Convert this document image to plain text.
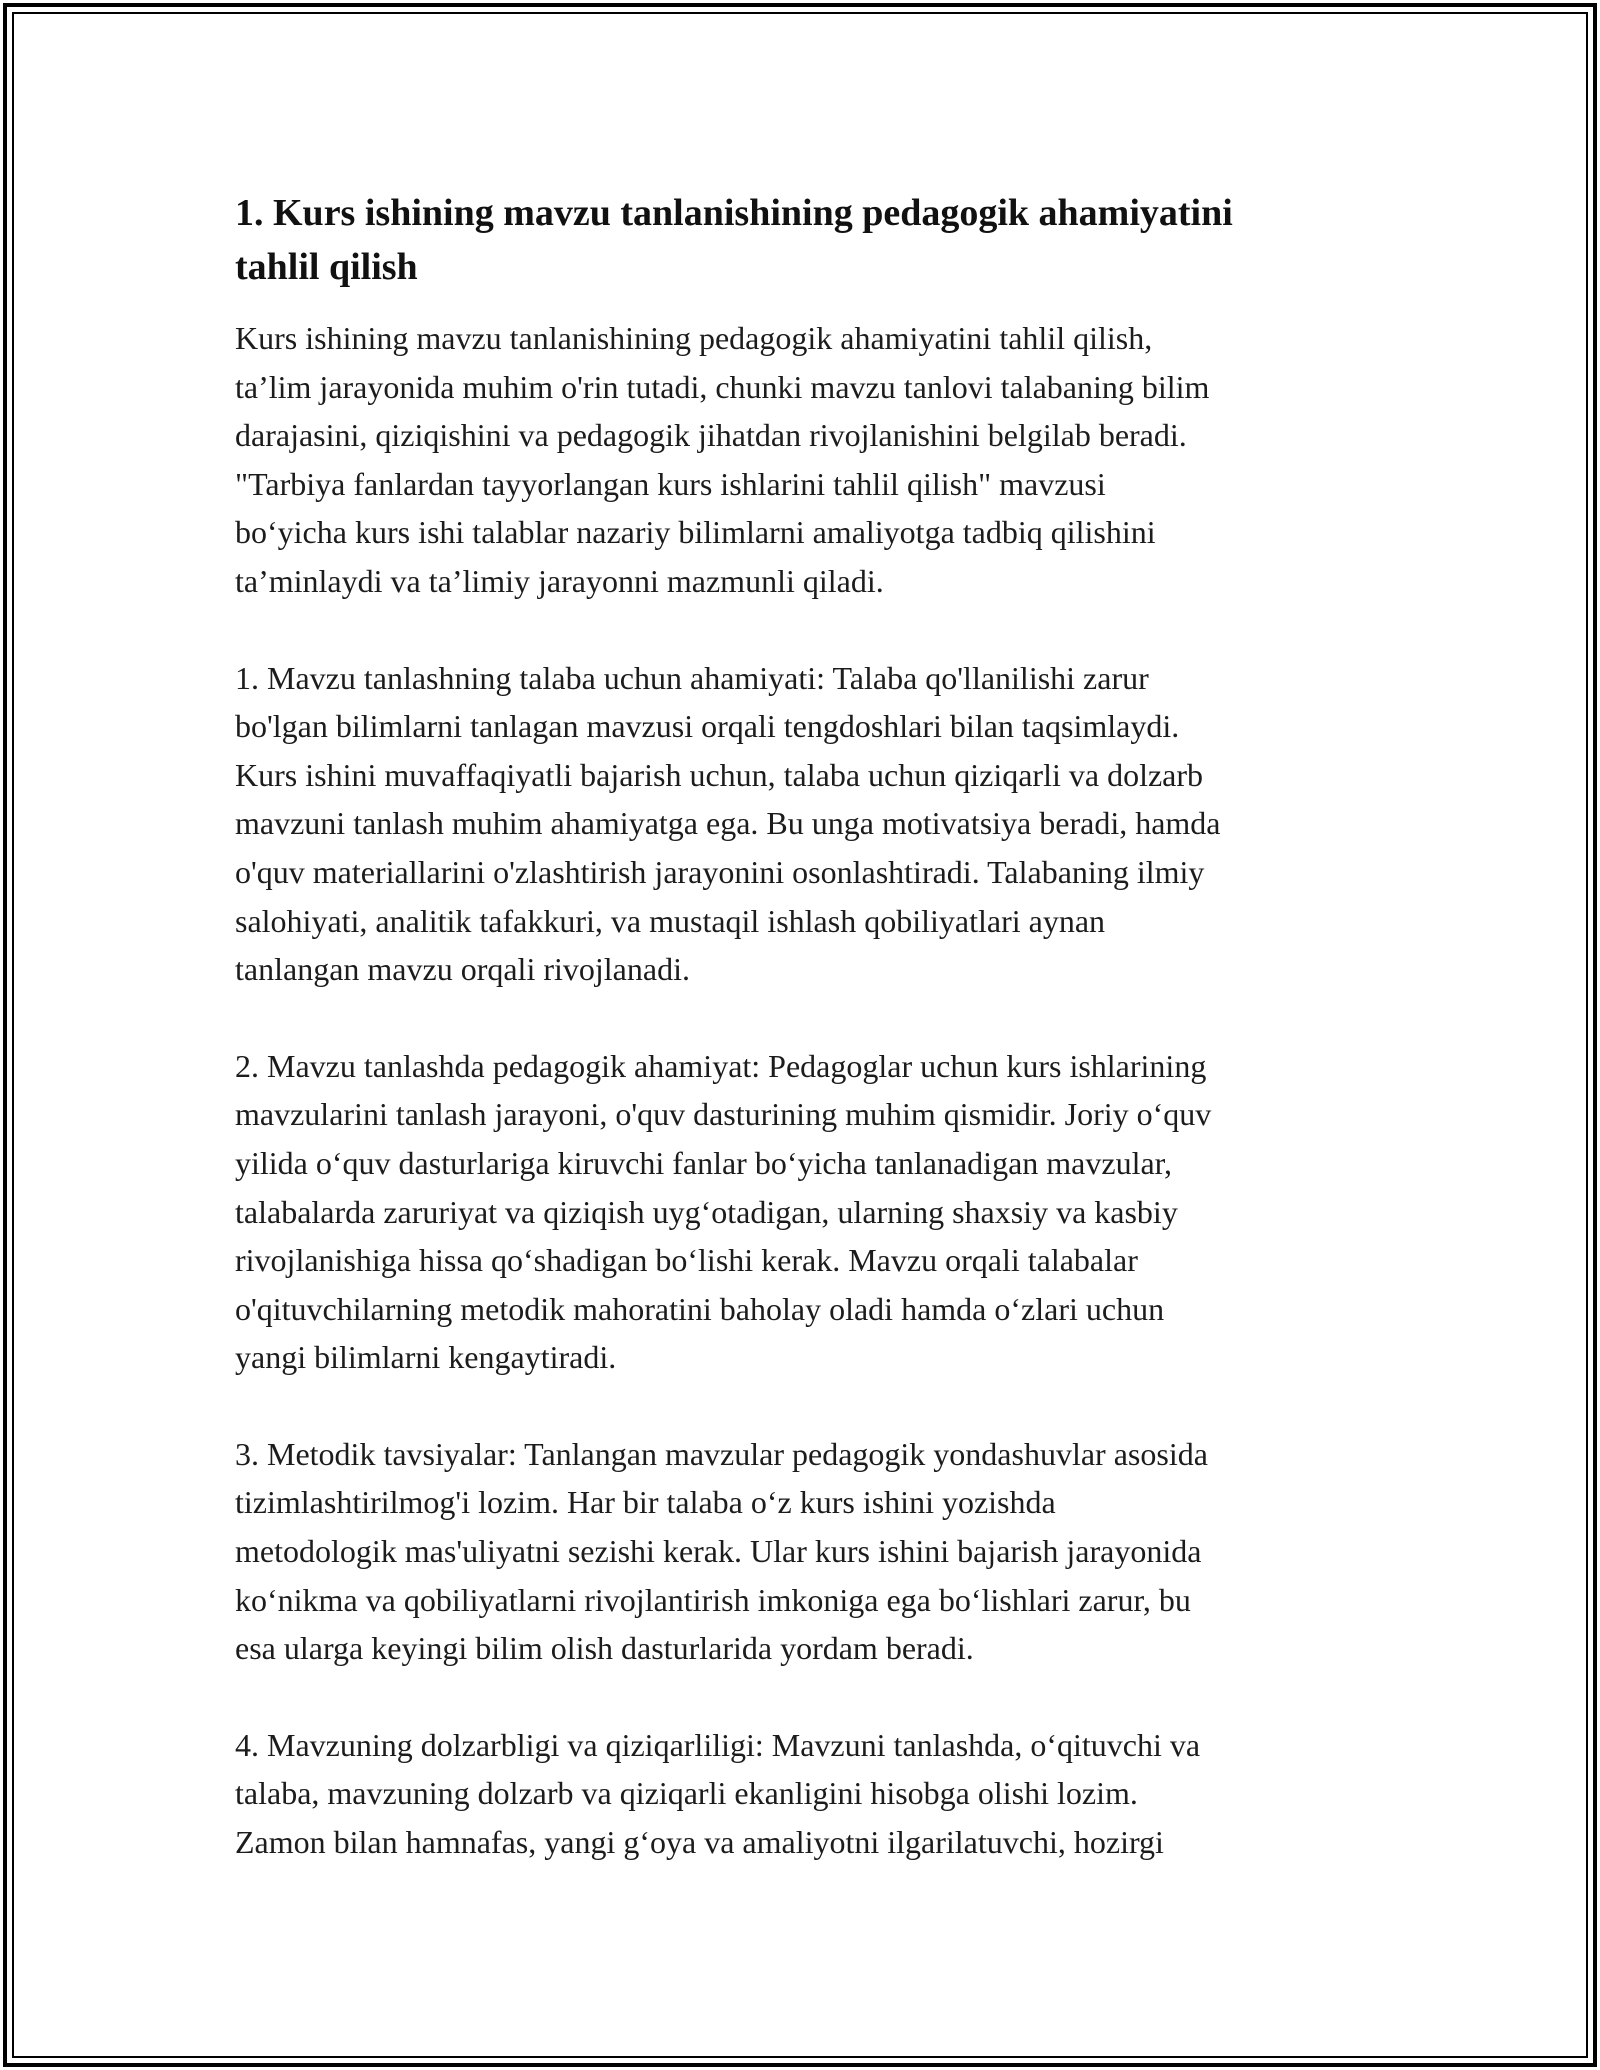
1. Kurs ishining mavzu tanlanishining pedagogik ahamiyatini
tahlil qilish

Kurs ishining mavzu tanlanishining pedagogik ahamiyatini tahlil qilish,
ta’lim jarayonida muhim o'rin tutadi, chunki mavzu tanlovi talabaning bilim
darajasini, qiziqishini va pedagogik jihatdan rivojlanishini belgilab beradi.
"Tarbiya fanlardan tayyorlangan kurs ishlarini tahlil qilish" mavzusi
bo‘yicha kurs ishi talablar nazariy bilimlarni amaliyotga tadbiq qilishini
ta’minlaydi va ta’limiy jarayonni mazmunli qiladi.

1. Mavzu tanlashning talaba uchun ahamiyati: Talaba qo'llanilishi zarur
bo'lgan bilimlarni tanlagan mavzusi orqali tengdoshlari bilan taqsimlaydi.
Kurs ishini muvaffaqiyatli bajarish uchun, talaba uchun qiziqarli va dolzarb
mavzuni tanlash muhim ahamiyatga ega. Bu unga motivatsiya beradi, hamda
o'quv materiallarini o'zlashtirish jarayonini osonlashtiradi. Talabaning ilmiy
salohiyati, analitik tafakkuri, va mustaqil ishlash qobiliyatlari aynan
tanlangan mavzu orqali rivojlanadi.

2. Mavzu tanlashda pedagogik ahamiyat: Pedagoglar uchun kurs ishlarining
mavzularini tanlash jarayoni, o'quv dasturining muhim qismidir. Joriy o‘quv
yilida o‘quv dasturlariga kiruvchi fanlar bo‘yicha tanlanadigan mavzular,
talabalarda zaruriyat va qiziqish uyg‘otadigan, ularning shaxsiy va kasbiy
rivojlanishiga hissa qo‘shadigan bo‘lishi kerak. Mavzu orqali talabalar
o'qituvchilarning metodik mahoratini baholay oladi hamda o‘zlari uchun
yangi bilimlarni kengaytiradi.

3. Metodik tavsiyalar: Tanlangan mavzular pedagogik yondashuvlar asosida
tizimlashtirilmog'i lozim. Har bir talaba o‘z kurs ishini yozishda
metodologik mas'uliyatni sezishi kerak. Ular kurs ishini bajarish jarayonida
ko‘nikma va qobiliyatlarni rivojlantirish imkoniga ega bo‘lishlari zarur, bu
esa ularga keyingi bilim olish dasturlarida yordam beradi.

4. Mavzuning dolzarbligi va qiziqarliligi: Mavzuni tanlashda, o‘qituvchi va
talaba, mavzuning dolzarb va qiziqarli ekanligini hisobga olishi lozim.
Zamon bilan hamnafas, yangi g‘oya va amaliyotni ilgarilatuvchi, hozirgi
